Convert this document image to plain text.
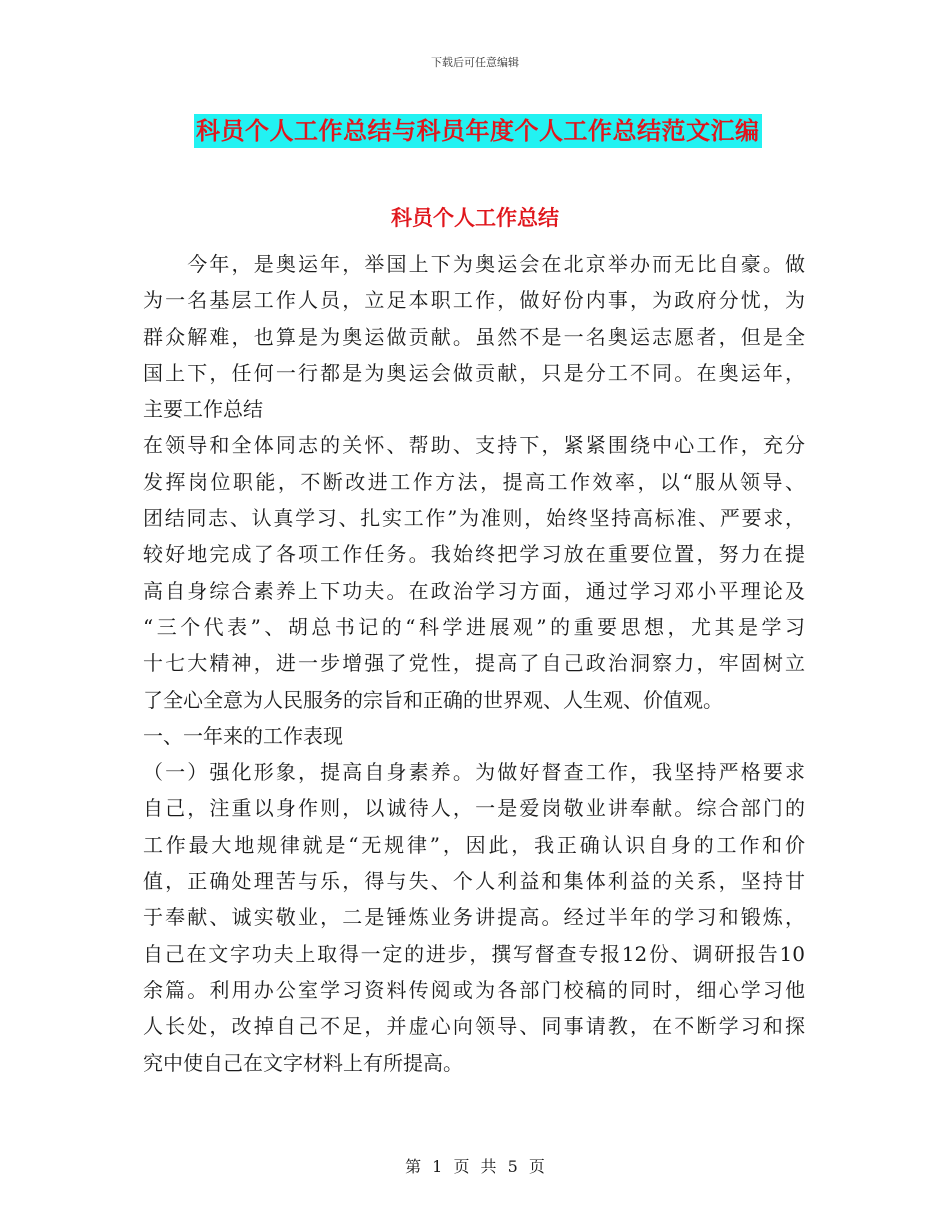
下载后可任意编辑
科员个人工作总结与科员年度个人工作总结范文汇编
科员个人工作总结
　　今年，是奥运年，举国上下为奥运会在北京举办而无比自豪。做
为一名基层工作人员，立足本职工作，做好份内事，为政府分忧，为
群众解难，也算是为奥运做贡献。虽然不是一名奥运志愿者，但是全
国上下，任何一行都是为奥运会做贡献，只是分工不同。在奥运年，
主要工作总结
在领导和全体同志的关怀、帮助、支持下，紧紧围绕中心工作，充分
发挥岗位职能，不断改进工作方法，提高工作效率，以“服从领导、
团结同志、认真学习、扎实工作”为准则，始终坚持高标准、严要求，
较好地完成了各项工作任务。我始终把学习放在重要位置，努力在提
高自身综合素养上下功夫。在政治学习方面，通过学习邓小平理论及
“三个代表”、胡总书记的“科学进展观”的重要思想，尤其是学习
十七大精神，进一步增强了党性，提高了自己政治洞察力，牢固树立
了全心全意为人民服务的宗旨和正确的世界观、人生观、价值观。
一、一年来的工作表现
（一）强化形象，提高自身素养。为做好督查工作，我坚持严格要求
自己，注重以身作则，以诚待人，一是爱岗敬业讲奉献。综合部门的
工作最大地规律就是“无规律”，因此，我正确认识自身的工作和价
值，正确处理苦与乐，得与失、个人利益和集体利益的关系，坚持甘
于奉献、诚实敬业，二是锤炼业务讲提高。经过半年的学习和锻炼，
自己在文字功夫上取得一定的进步，撰写督查专报12份、调研报告10
余篇。利用办公室学习资料传阅或为各部门校稿的同时，细心学习他
人长处，改掉自己不足，并虚心向领导、同事请教，在不断学习和探
究中使自己在文字材料上有所提高。
第 1 页 共 5 页
